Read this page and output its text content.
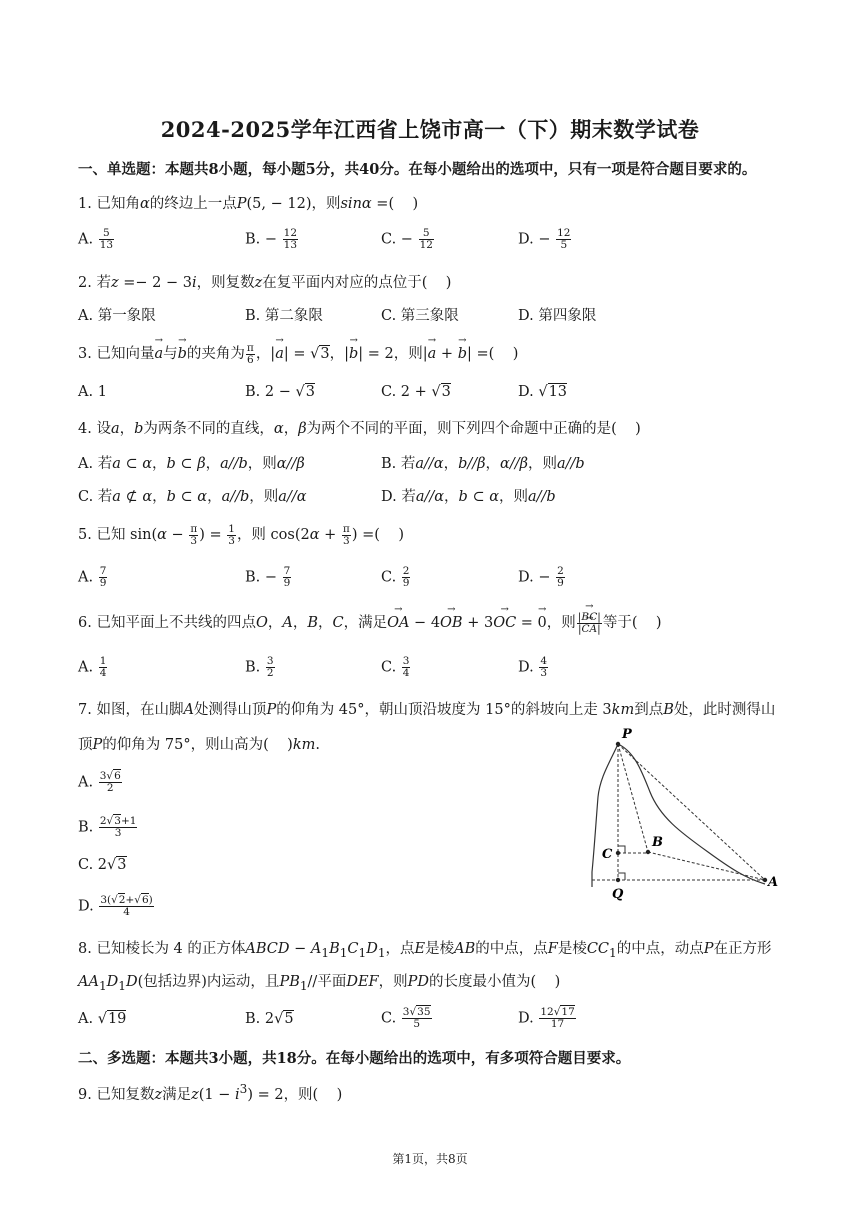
2024-2025学年江西省上饶市高一（下）期末数学试卷
一、单选题：本题共8小题，每小题5分，共40分。在每小题给出的选项中，只有一项是符合题目要求的。
1. 已知角α的终边上一点P(5, − 12)，则sinα =(    )
A. $\frac{5}{13}$	B. − $\frac{12}{13}$	C. − $\frac{5}{12}$	D. − $\frac{12}{5}$
2. 若z =− 2 − 3i，则复数z在复平面内对应的点位于(    )
A. 第一象限	B. 第二象限	C. 第三象限	D. 第四象限
3. 已知向量→ a与→ b的夹角为 $\frac{\pi}{6}$ ，|→ a| = √3，|→ b| = 2，则|→ a + → b| =(    )
A. 1	B. 2 − √3	C. 2 + √3	D. √13
4. 设a，b为两条不同的直线，α，β为两个不同的平面，则下列四个命题中正确的是(    )
A. 若a ⊂ α，b ⊂ β，a//b，则α//β	B. 若a//α，b//β，α//β，则a//b
C. 若a ⊄ α，b ⊂ α，a//b，则a//α	D. 若a//α，b ⊂ α，则a//b
5. 已知 $\sin(\alpha - \frac{\pi}{3}$ ) = $\frac{1}{3}$ ，则 $\cos(2\alpha + \frac{\pi}{3}$ ) =(    )
A. $\frac{7}{9}$	B. − $\frac{7}{9}$	C. $\frac{2}{9}$	D. − $\frac{2}{9}$
6. 已知平面上不共线的四点O，A，B，C，满足→ OA − 4→ OB + 3→ OC = → 0，则 $\frac{|\to BC|}{|\to CA|}$ 等于(    )
A. $\frac{1}{4}$	B. $\frac{3}{2}$	C. $\frac{3}{4}$	D. $\frac{4}{3}$
7. 如图，在山脚A处测得山顶P的仰角为 45°，朝山顶沿坡度为 15°的斜坡向上走 3km到点B处，此时测得山
顶P的仰角为 75°，则山高为(    )km.
A. $\frac{3√6}{2}$
B. $\frac{2√3+1}{3}$
C. 2√3
D. $\frac{3(√2+√6)}{4}$
P
B
C
Q
A
8. 已知棱长为 4 的正方体ABCD − $A_1B_1C_1D_1$，点E是棱AB的中点，点F是棱$CC_1$的中点，动点P在正方形
$AA_1D_1D$(包括边界)内运动，且$PB_1//$平面DEF，则PD的长度最小值为(    )
A. √19	B. 2√5	C. $\frac{3√35}{5}$	D. $\frac{12√17}{17}$
二、多选题：本题共3小题，共18分。在每小题给出的选项中，有多项符合题目要求。
9. 已知复数z满足$z(1 - i^3) = 2$，则(    )
第1页，共8页
